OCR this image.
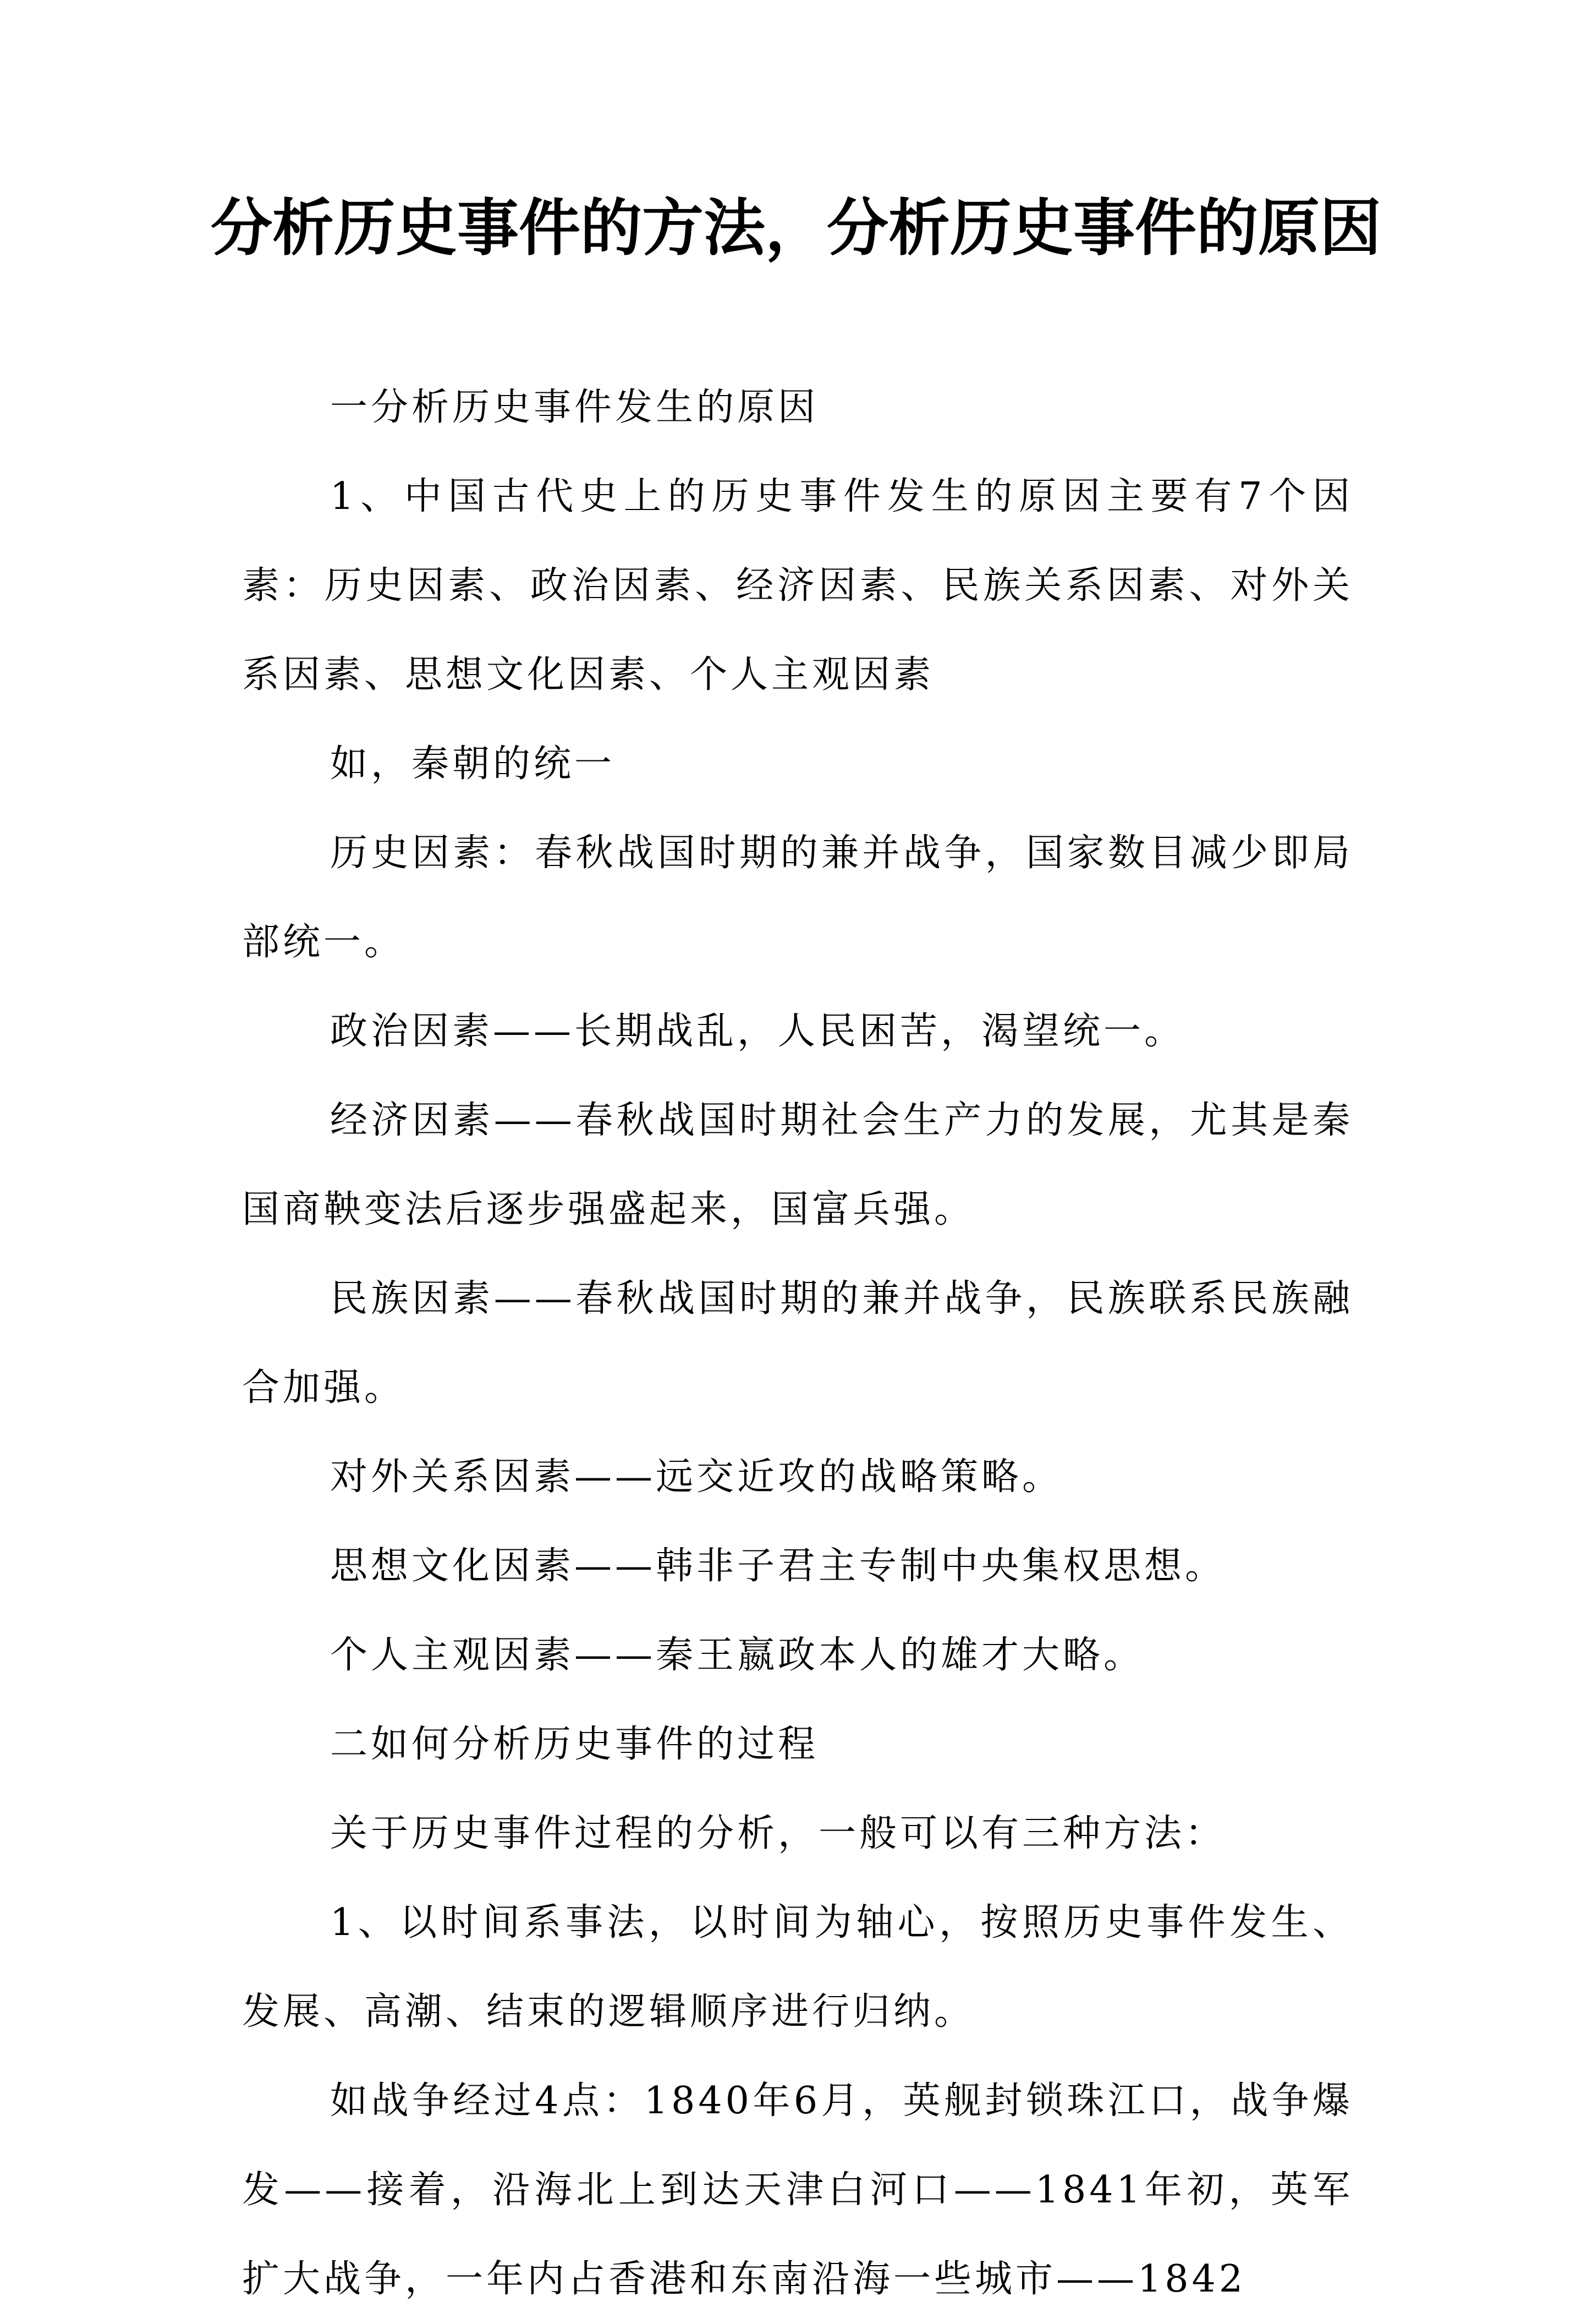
分析历史事件的方法，分析历史事件的原因

一分析历史事件发生的原因

1、中国古代史上的历史事件发生的原因主要有7个因素：历史因素、政治因素、经济因素、民族关系因素、对外关系因素、思想文化因素、个人主观因素

如，秦朝的统一

历史因素：春秋战国时期的兼并战争，国家数目减少即局部统一。

政治因素——长期战乱，人民困苦，渴望统一。

经济因素——春秋战国时期社会生产力的发展，尤其是秦国商鞅变法后逐步强盛起来，国富兵强。

民族因素——春秋战国时期的兼并战争，民族联系民族融合加强。

对外关系因素——远交近攻的战略策略。

思想文化因素——韩非子君主专制中央集权思想。

个人主观因素——秦王嬴政本人的雄才大略。

二如何分析历史事件的过程

关于历史事件过程的分析，一般可以有三种方法：

1、以时间系事法，以时间为轴心，按照历史事件发生、发展、高潮、结束的逻辑顺序进行归纳。

如战争经过4点：1840年6月，英舰封锁珠江口，战争爆发——接着，沿海北上到达天津白河口——1841年初，英军扩大战争，一年内占香港和东南沿海一些城市——1842
